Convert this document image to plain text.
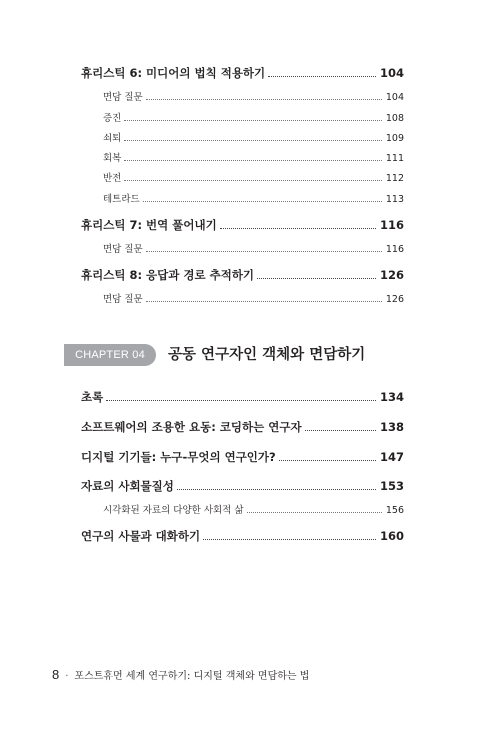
휴리스틱 6: 미디어의 법칙 적용하기	104
면담 질문	104
증진	108
쇠퇴	109
회복	111
반전	112
테트라드	113
휴리스틱 7: 번역 풀어내기	116
면담 질문	116
휴리스틱 8: 응답과 경로 추적하기	126
면담 질문	126
CHAPTER 04 공동 연구자인 객체와 면담하기
초록	134
소프트웨어의 조용한 요동: 코딩하는 연구자	138
디지털 기기들: 누구-무엇의 연구인가?	147
자료의 사회물질성	153
시각화된 자료의 다양한 사회적 삶	156
연구의 사물과 대화하기	160
8 · 포스트휴먼 세계 연구하기: 디지털 객체와 면담하는 법
